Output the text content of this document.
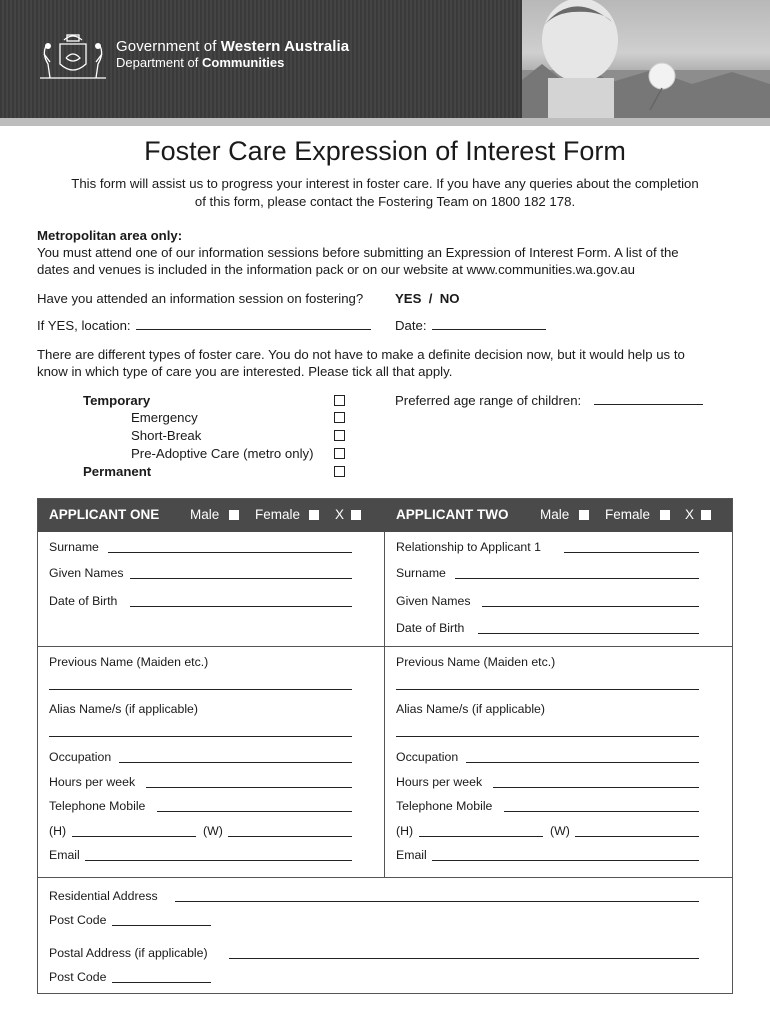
Government of Western Australia
Department of Communities
Foster Care Expression of Interest Form
This form will assist us to progress your interest in foster care. If you have any queries about the completion of this form, please contact the Fostering Team on 1800 182 178.
Metropolitan area only:
You must attend one of our information sessions before submitting an Expression of Interest Form. A list of the
dates and venues is included in the information pack or on our website at www.communities.wa.gov.au
Have you attended an information session on fostering? YES  /  NO
If YES, location:	Date:
There are different types of foster care. You do not have to make a definite decision now, but it would help us to
know in which type of care you are interested. Please tick all that apply.
Temporary
Emergency
Short-Break
Pre-Adoptive Care (metro only)
Permanent
Preferred age range of children:
APPLICANT ONE Male	Female	X	APPLICANT TWO Male	Female	X
Surname
Given Names
Date of Birth
Previous Name (Maiden etc.)
Alias Name/s (if applicable)
Occupation
Hours per week
Telephone Mobile
(H)	(W)
Email
Relationship to Applicant 1
Surname
Given Names
Date of Birth
Previous Name (Maiden etc.)
Alias Name/s (if applicable)
Occupation
Hours per week
Telephone Mobile
(H)	(W)
Email
Residential Address
Post Code
Postal Address (if applicable)
Post Code
